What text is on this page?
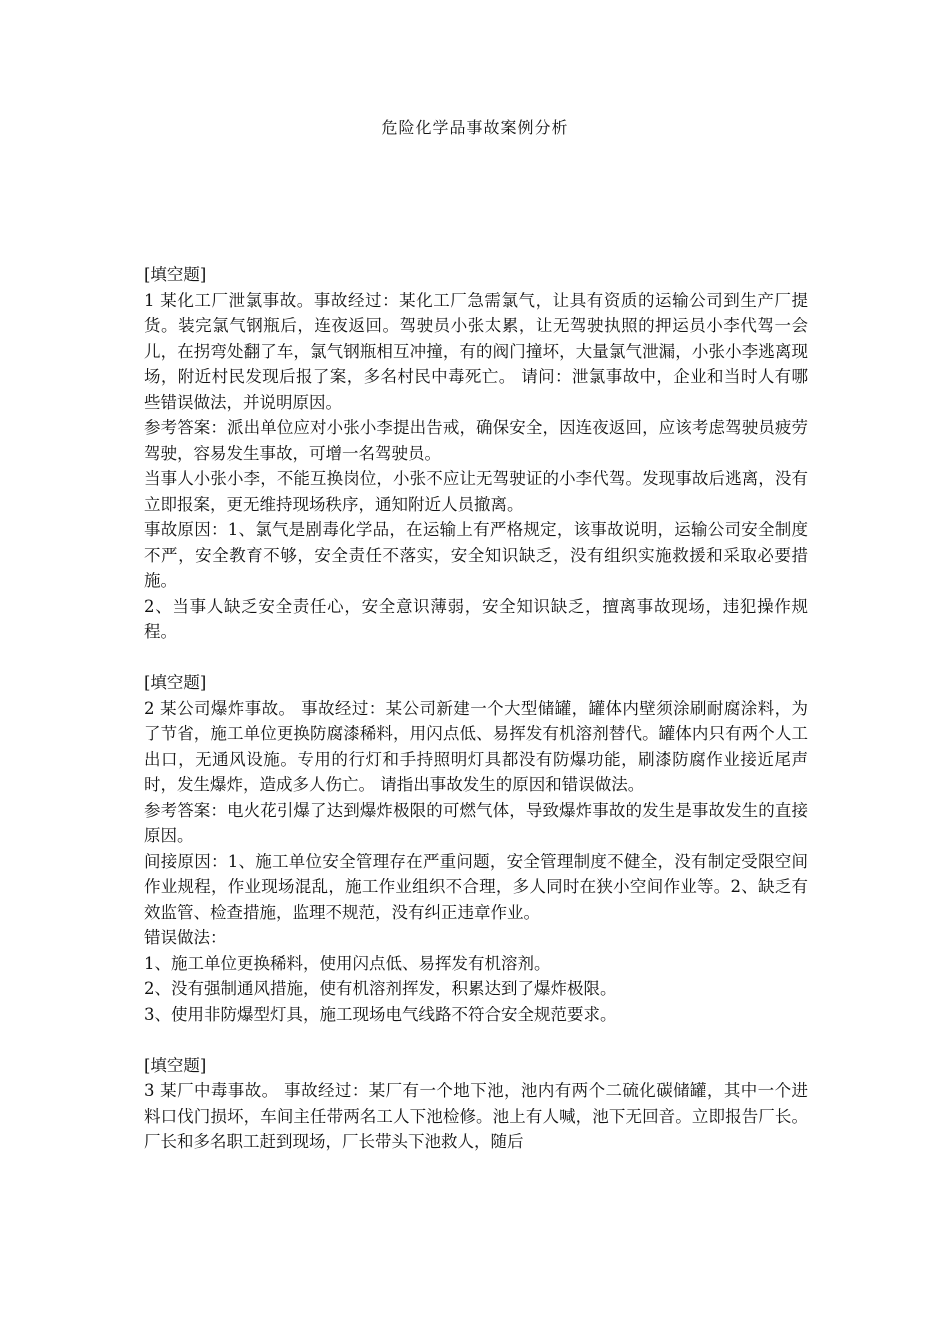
危险化学品事故案例分析

[填空题]

1 某化工厂泄氯事故。事故经过：某化工厂急需氯气，让具有资质的运输公司到生产厂提货。装完氯气钢瓶后，连夜返回。驾驶员小张太累，让无驾驶执照的押运员小李代驾一会儿，在拐弯处翻了车，氯气钢瓶相互冲撞，有的阀门撞坏，大量氯气泄漏，小张小李逃离现场，附近村民发现后报了案，多名村民中毒死亡。 请问：泄氯事故中，企业和当时人有哪些错误做法，并说明原因。

参考答案：派出单位应对小张小李提出告戒，确保安全，因连夜返回，应该考虑驾驶员疲劳驾驶，容易发生事故，可增一名驾驶员。

当事人小张小李，不能互换岗位，小张不应让无驾驶证的小李代驾。发现事故后逃离，没有立即报案，更无维持现场秩序，通知附近人员撤离。

事故原因：1、氯气是剧毒化学品，在运输上有严格规定，该事故说明，运输公司安全制度不严，安全教育不够，安全责任不落实，安全知识缺乏，没有组织实施救援和采取必要措施。

2、当事人缺乏安全责任心，安全意识薄弱，安全知识缺乏，擅离事故现场，违犯操作规程。

[填空题]

2 某公司爆炸事故。 事故经过：某公司新建一个大型储罐，罐体内壁须涂刷耐腐涂料，为了节省，施工单位更换防腐漆稀料，用闪点低、易挥发有机溶剂替代。罐体内只有两个人工出口，无通风设施。专用的行灯和手持照明灯具都没有防爆功能，刷漆防腐作业接近尾声时，发生爆炸，造成多人伤亡。 请指出事故发生的原因和错误做法。

参考答案：电火花引爆了达到爆炸极限的可燃气体，导致爆炸事故的发生是事故发生的直接原因。

间接原因：1、施工单位安全管理存在严重问题，安全管理制度不健全，没有制定受限空间作业规程，作业现场混乱，施工作业组织不合理，多人同时在狭小空间作业等。2、缺乏有效监管、检查措施，监理不规范，没有纠正违章作业。

错误做法：

1、施工单位更换稀料，使用闪点低、易挥发有机溶剂。

2、没有强制通风措施，使有机溶剂挥发，积累达到了爆炸极限。

3、使用非防爆型灯具，施工现场电气线路不符合安全规范要求。

[填空题]

3 某厂中毒事故。 事故经过：某厂有一个地下池，池内有两个二硫化碳储罐，其中一个进料口伐门损坏，车间主任带两名工人下池检修。池上有人喊，池下无回音。立即报告厂长。厂长和多名职工赶到现场，厂长带头下池救人，随后
